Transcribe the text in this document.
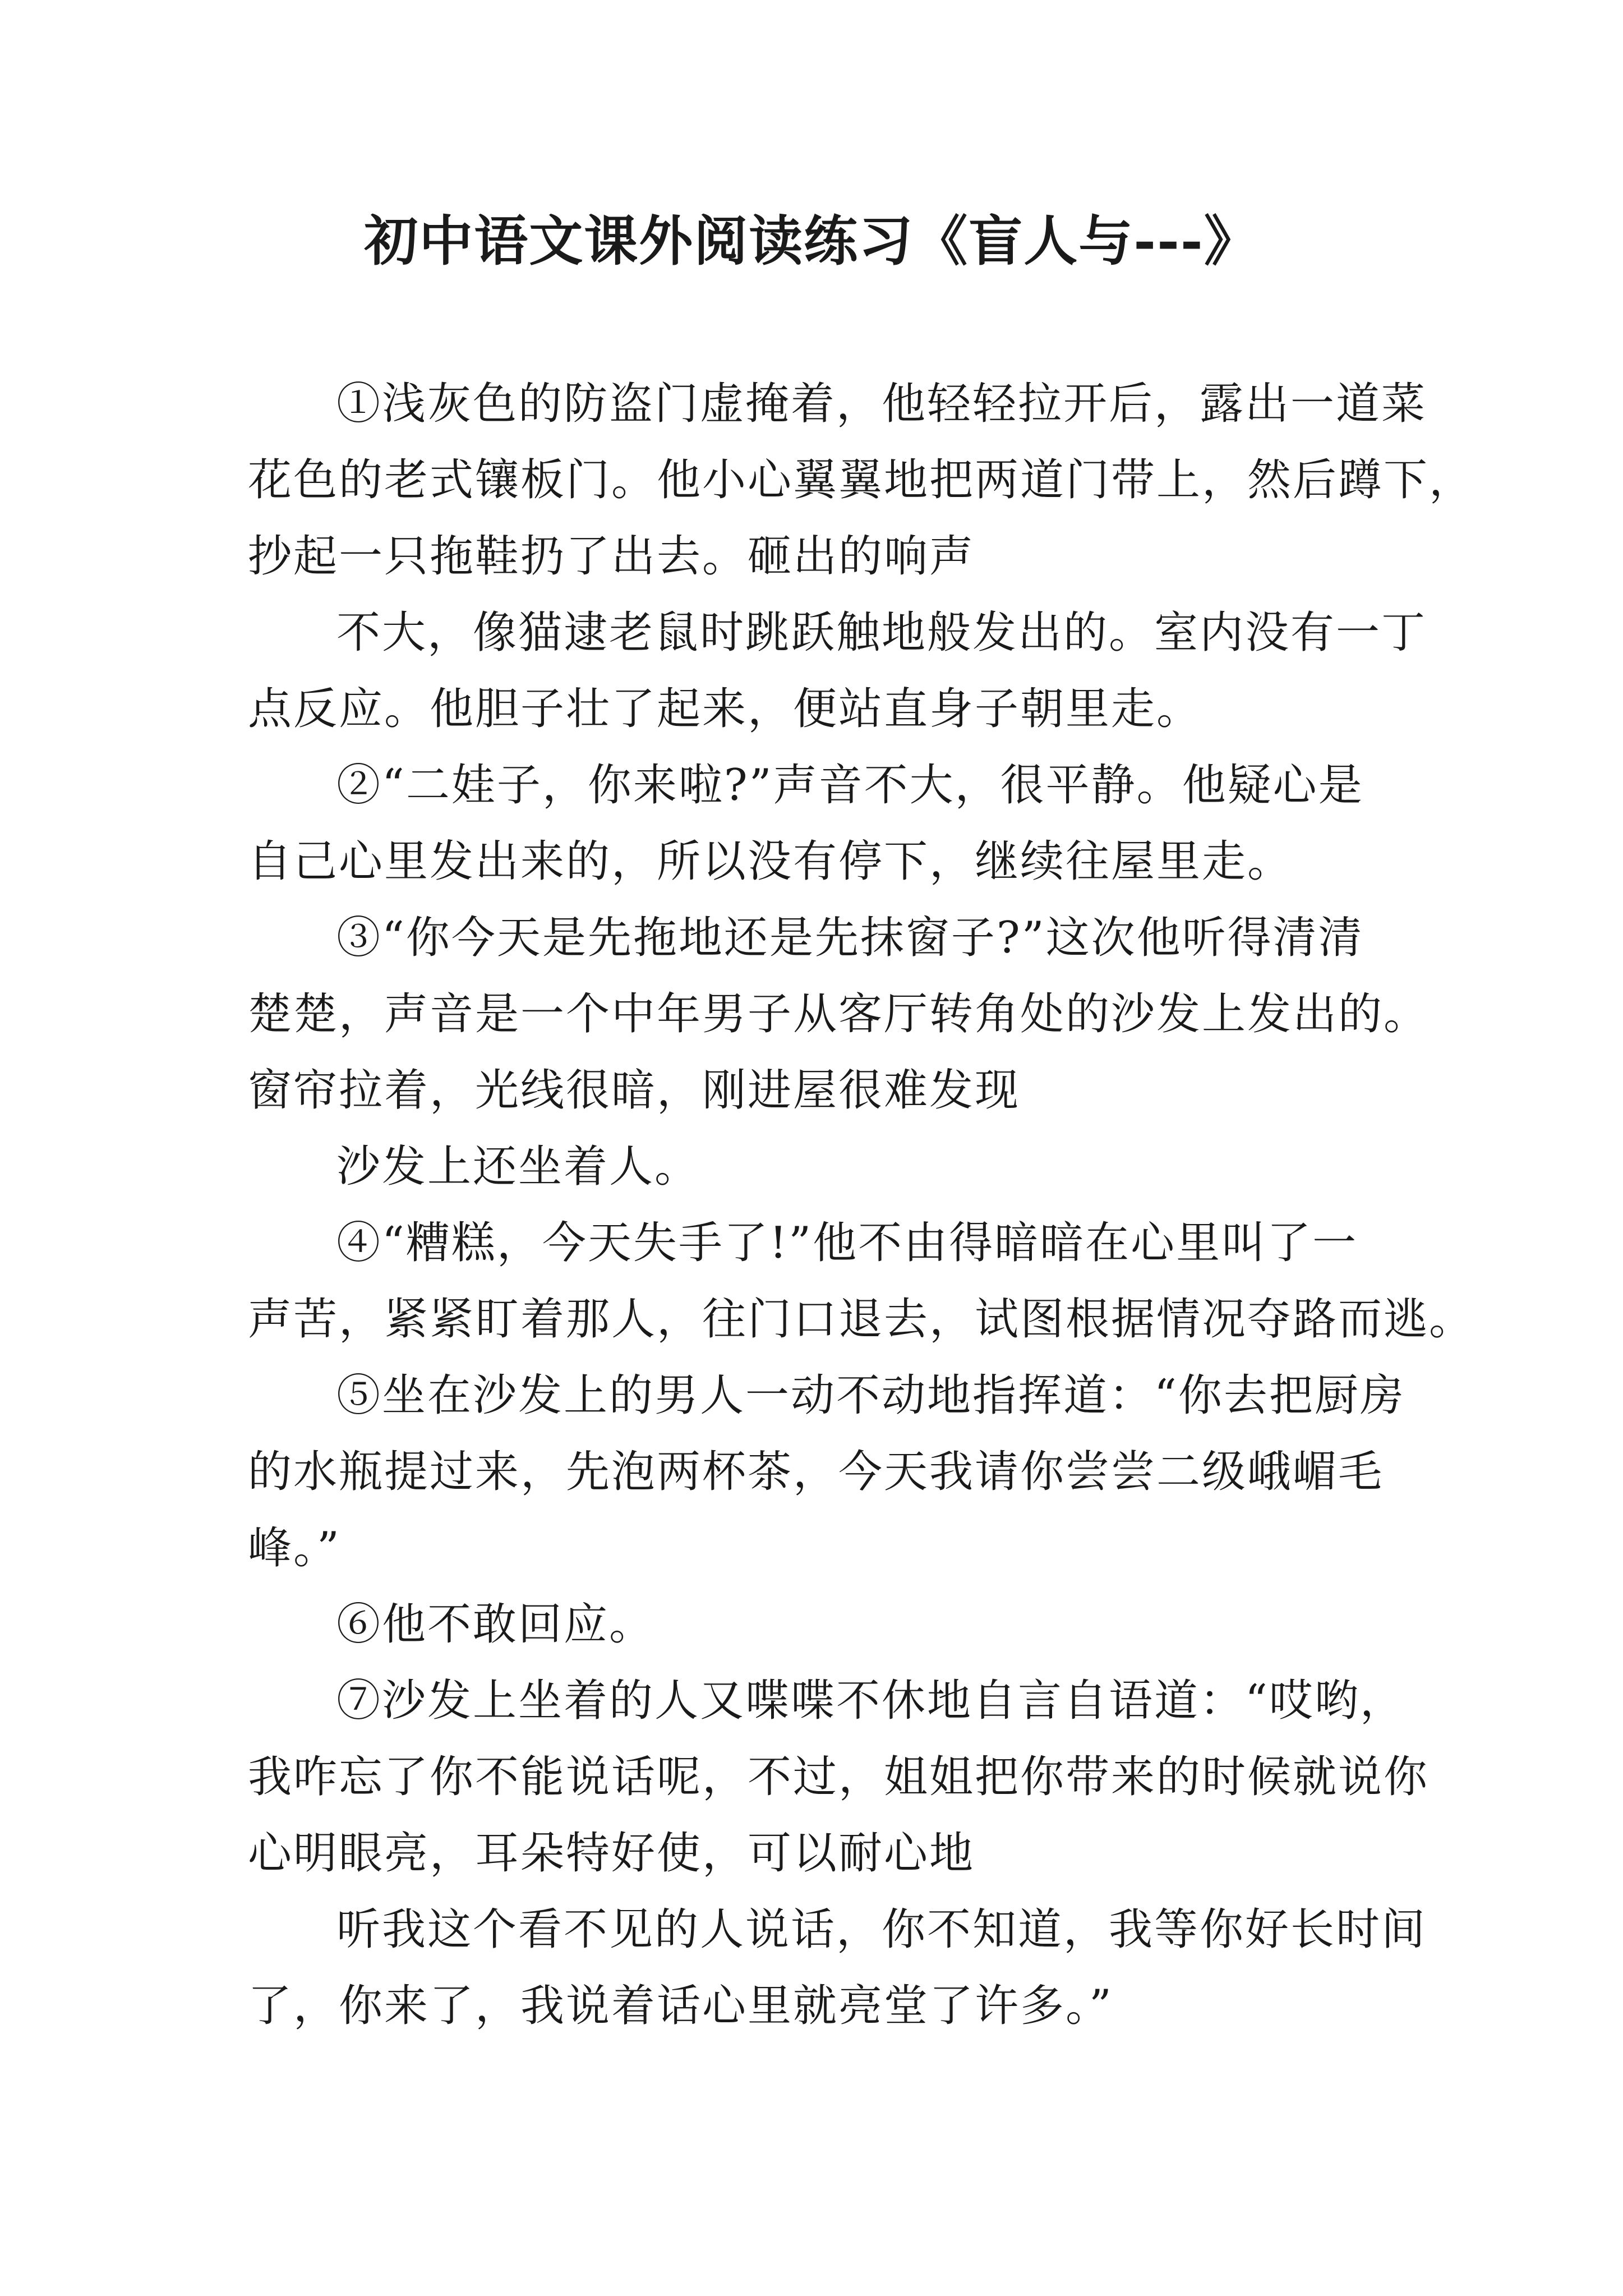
初中语文课外阅读练习《盲人与---》

①浅灰色的防盗门虚掩着，他轻轻拉开后，露出一道菜

花色的老式镶板门。他小心翼翼地把两道门带上，然后蹲下，

抄起一只拖鞋扔了出去。砸出的响声

不大，像猫逮老鼠时跳跃触地般发出的。室内没有一丁

点反应。他胆子壮了起来，便站直身子朝里走。

②“二娃子，你来啦?”声音不大，很平静。他疑心是

自己心里发出来的，所以没有停下，继续往屋里走。

③“你今天是先拖地还是先抹窗子?”这次他听得清清

楚楚，声音是一个中年男子从客厅转角处的沙发上发出的。

窗帘拉着，光线很暗，刚进屋很难发现

沙发上还坐着人。

④“糟糕，今天失手了!”他不由得暗暗在心里叫了一

声苦，紧紧盯着那人，往门口退去，试图根据情况夺路而逃。

⑤坐在沙发上的男人一动不动地指挥道：“你去把厨房

的水瓶提过来，先泡两杯茶，今天我请你尝尝二级峨嵋毛

峰。”

⑥他不敢回应。

⑦沙发上坐着的人又喋喋不休地自言自语道：“哎哟，

我咋忘了你不能说话呢，不过，姐姐把你带来的时候就说你

心明眼亮，耳朵特好使，可以耐心地

听我这个看不见的人说话，你不知道，我等你好长时间

了，你来了，我说着话心里就亮堂了许多。”
